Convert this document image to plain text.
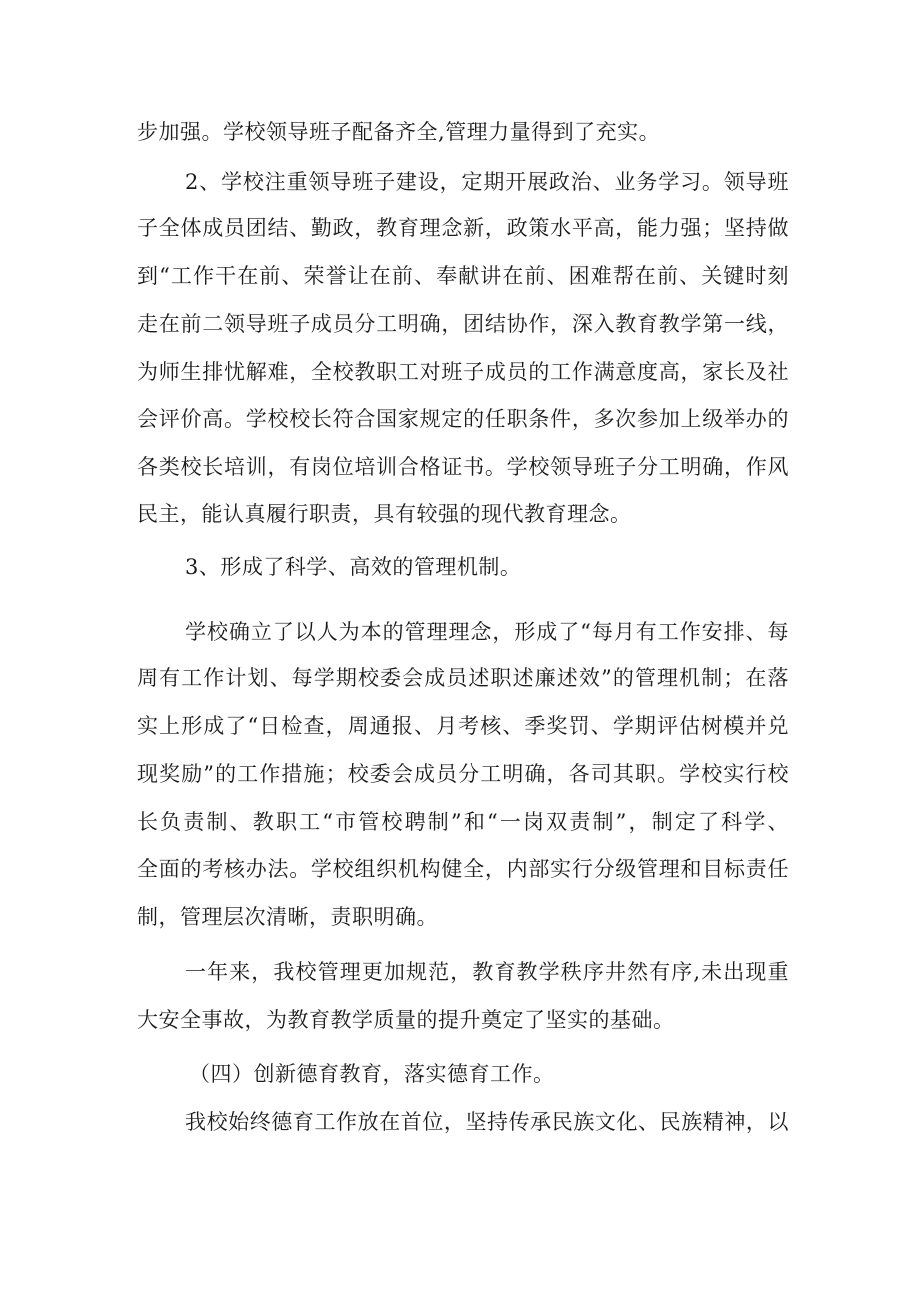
步加强。学校领导班子配备齐全,管理力量得到了充实。
2、学校注重领导班子建设，定期开展政治、业务学习。领导班
子全体成员团结、勤政，教育理念新，政策水平高，能力强；坚持做
到“工作干在前、荣誉让在前、奉献讲在前、困难帮在前、关键时刻
走在前二领导班子成员分工明确，团结协作，深入教育教学第一线，
为师生排忧解难，全校教职工对班子成员的工作满意度高，家长及社
会评价高。学校校长符合国家规定的任职条件，多次参加上级举办的
各类校长培训，有岗位培训合格证书。学校领导班子分工明确，作风
民主，能认真履行职责，具有较强的现代教育理念。
3、形成了科学、高效的管理机制。
学校确立了以人为本的管理理念，形成了“每月有工作安排、每
周有工作计划、每学期校委会成员述职述廉述效”的管理机制；在落
实上形成了“日检查，周通报、月考核、季奖罚、学期评估树模并兑
现奖励”的工作措施；校委会成员分工明确，各司其职。学校实行校
长负责制、教职工“市管校聘制”和“一岗双责制”，制定了科学、
全面的考核办法。学校组织机构健全，内部实行分级管理和目标责任
制，管理层次清晰，责职明确。
一年来，我校管理更加规范，教育教学秩序井然有序,未出现重
大安全事故，为教育教学质量的提升奠定了坚实的基础。
（四）创新德育教育，落实德育工作。
我校始终德育工作放在首位，坚持传承民族文化、民族精神，以
